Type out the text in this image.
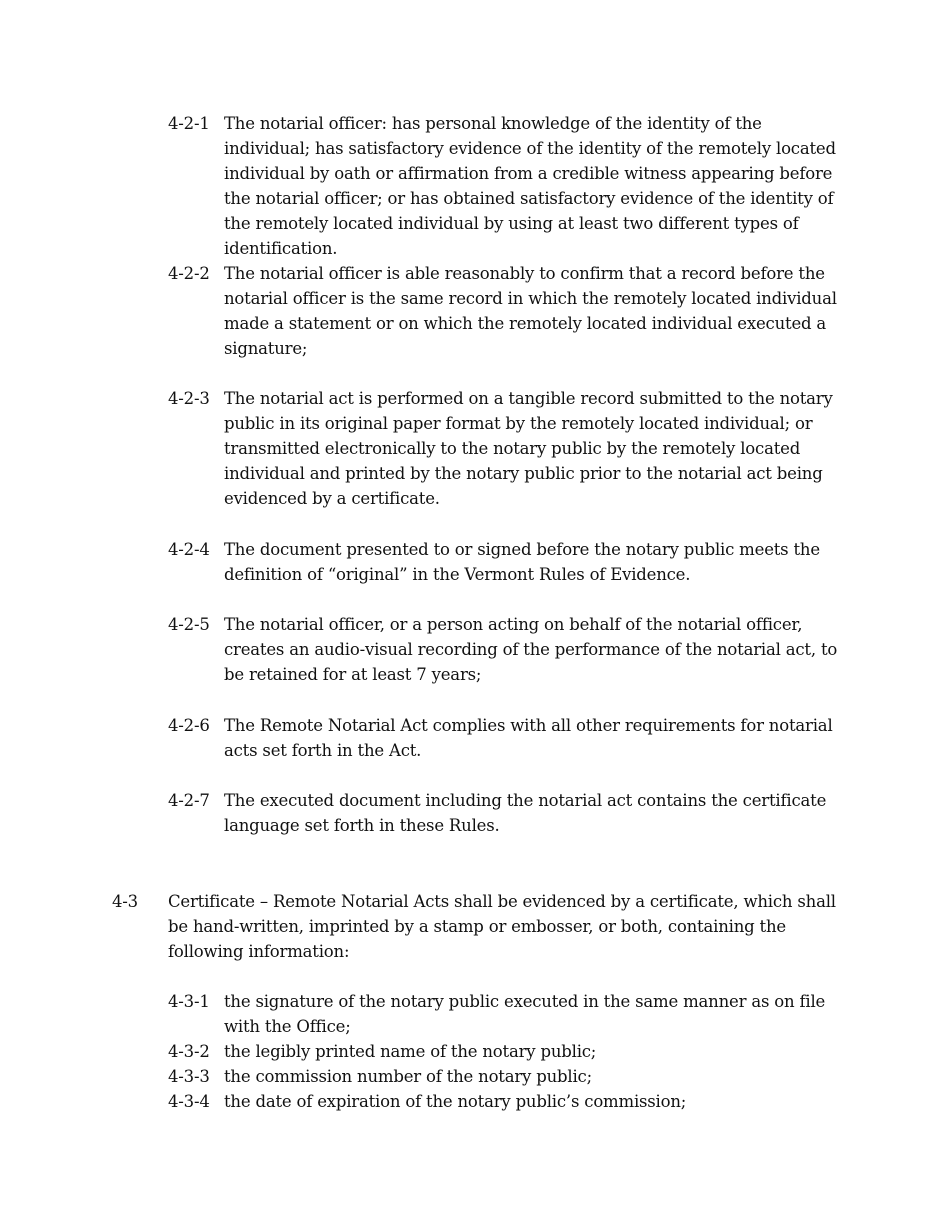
4-2-1 The notarial officer: has personal knowledge of the identity of the individual; has satisfactory evidence of the identity of the remotely located individual by oath or affirmation from a credible witness appearing before the notarial officer; or has obtained satisfactory evidence of the identity of the remotely located individual by using at least two different types of identification.
4-2-2 The notarial officer is able reasonably to confirm that a record before the notarial officer is the same record in which the remotely located individual made a statement or on which the remotely located individual executed a signature;
4-2-3 The notarial act is performed on a tangible record submitted to the notary public in its original paper format by the remotely located individual; or transmitted electronically to the notary public by the remotely located individual and printed by the notary public prior to the notarial act being evidenced by a certificate.
4-2-4 The document presented to or signed before the notary public meets the definition of “original” in the Vermont Rules of Evidence.
4-2-5 The notarial officer, or a person acting on behalf of the notarial officer, creates an audio-visual recording of the performance of the notarial act, to be retained for at least 7 years;
4-2-6 The Remote Notarial Act complies with all other requirements for notarial acts set forth in the Act.
4-2-7 The executed document including the notarial act contains the certificate language set forth in these Rules.
4-3 Certificate – Remote Notarial Acts shall be evidenced by a certificate, which shall be hand-written, imprinted by a stamp or embosser, or both, containing the following information:
4-3-1 the signature of the notary public executed in the same manner as on file with the Office;
4-3-2 the legibly printed name of the notary public;
4-3-3 the commission number of the notary public;
4-3-4 the date of expiration of the notary public’s commission;
